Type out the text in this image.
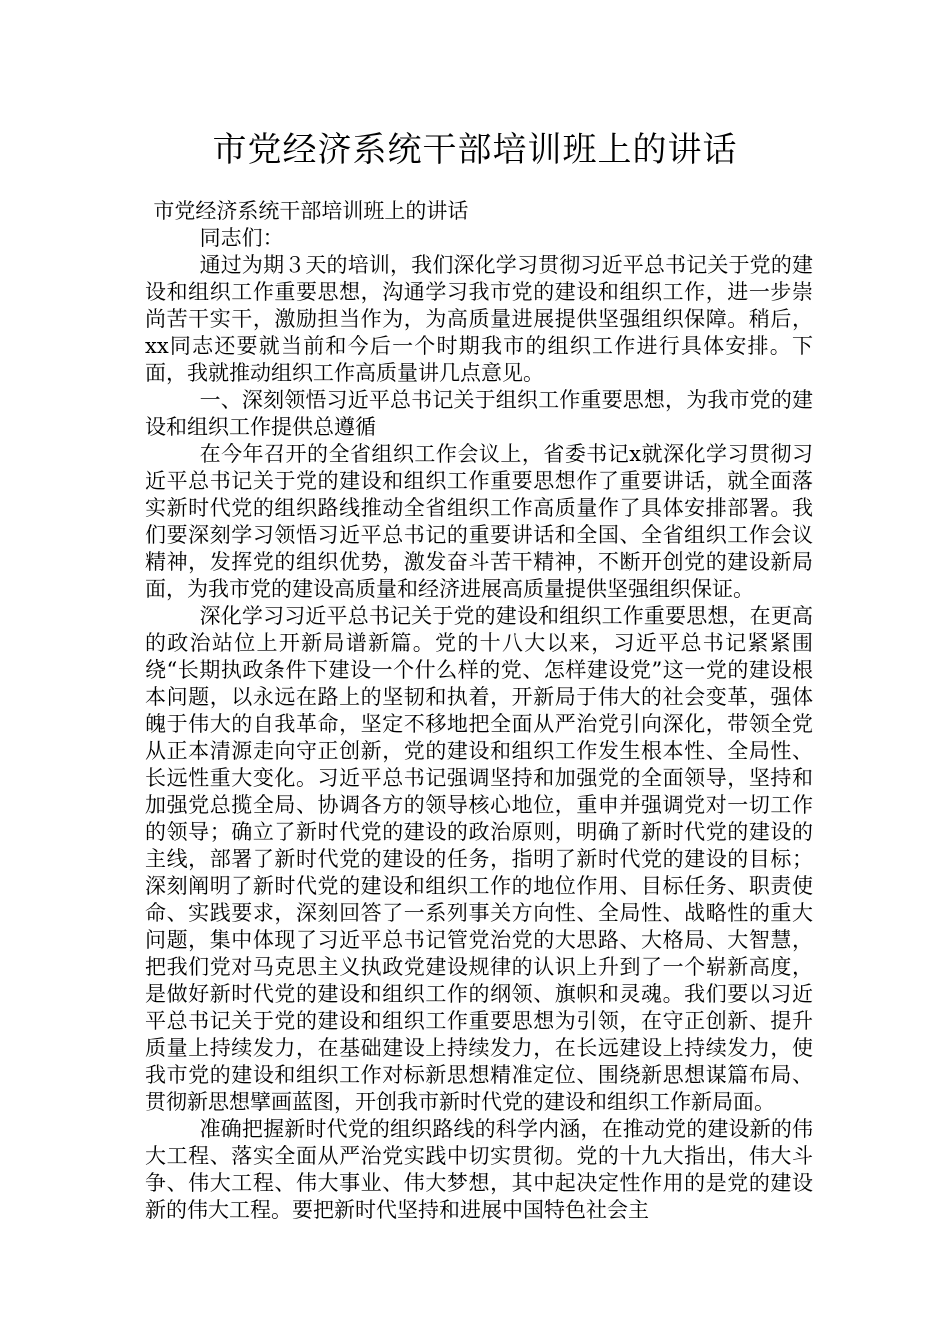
市党经济系统干部培训班上的讲话

市党经济系统干部培训班上的讲话

同志们：

通过为期３天的培训，我们深化学习贯彻习近平总书记关于党的建设和组织工作重要思想，沟通学习我市党的建设和组织工作，进一步崇尚苦干实干，激励担当作为，为高质量进展提供坚强组织保障。稍后，xx同志还要就当前和今后一个时期我市的组织工作进行具体安排。下面，我就推动组织工作高质量讲几点意见。

一、深刻领悟习近平总书记关于组织工作重要思想，为我市党的建设和组织工作提供总遵循

在今年召开的全省组织工作会议上，省委书记x就深化学习贯彻习近平总书记关于党的建设和组织工作重要思想作了重要讲话，就全面落实新时代党的组织路线推动全省组织工作高质量作了具体安排部署。我们要深刻学习领悟习近平总书记的重要讲话和全国、全省组织工作会议精神，发挥党的组织优势，激发奋斗苦干精神，不断开创党的建设新局面，为我市党的建设高质量和经济进展高质量提供坚强组织保证。

深化学习习近平总书记关于党的建设和组织工作重要思想，在更高的政治站位上开新局谱新篇。党的十八大以来，习近平总书记紧紧围绕“长期执政条件下建设一个什么样的党、怎样建设党”这一党的建设根本问题，以永远在路上的坚韧和执着，开新局于伟大的社会变革，强体魄于伟大的自我革命，坚定不移地把全面从严治党引向深化，带领全党从正本清源走向守正创新，党的建设和组织工作发生根本性、全局性、长远性重大变化。习近平总书记强调坚持和加强党的全面领导，坚持和加强党总揽全局、协调各方的领导核心地位，重申并强调党对一切工作的领导；确立了新时代党的建设的政治原则，明确了新时代党的建设的主线，部署了新时代党的建设的任务，指明了新时代党的建设的目标；深刻阐明了新时代党的建设和组织工作的地位作用、目标任务、职责使命、实践要求，深刻回答了一系列事关方向性、全局性、战略性的重大问题，集中体现了习近平总书记管党治党的大思路、大格局、大智慧，把我们党对马克思主义执政党建设规律的认识上升到了一个崭新高度，是做好新时代党的建设和组织工作的纲领、旗帜和灵魂。我们要以习近平总书记关于党的建设和组织工作重要思想为引领，在守正创新、提升质量上持续发力，在基础建设上持续发力，在长远建设上持续发力，使我市党的建设和组织工作对标新思想精准定位、围绕新思想谋篇布局、贯彻新思想擘画蓝图，开创我市新时代党的建设和组织工作新局面。

准确把握新时代党的组织路线的科学内涵，在推动党的建设新的伟大工程、落实全面从严治党实践中切实贯彻。党的十九大指出，伟大斗争、伟大工程、伟大事业、伟大梦想，其中起决定性作用的是党的建设新的伟大工程。要把新时代坚持和进展中国特色社会主
